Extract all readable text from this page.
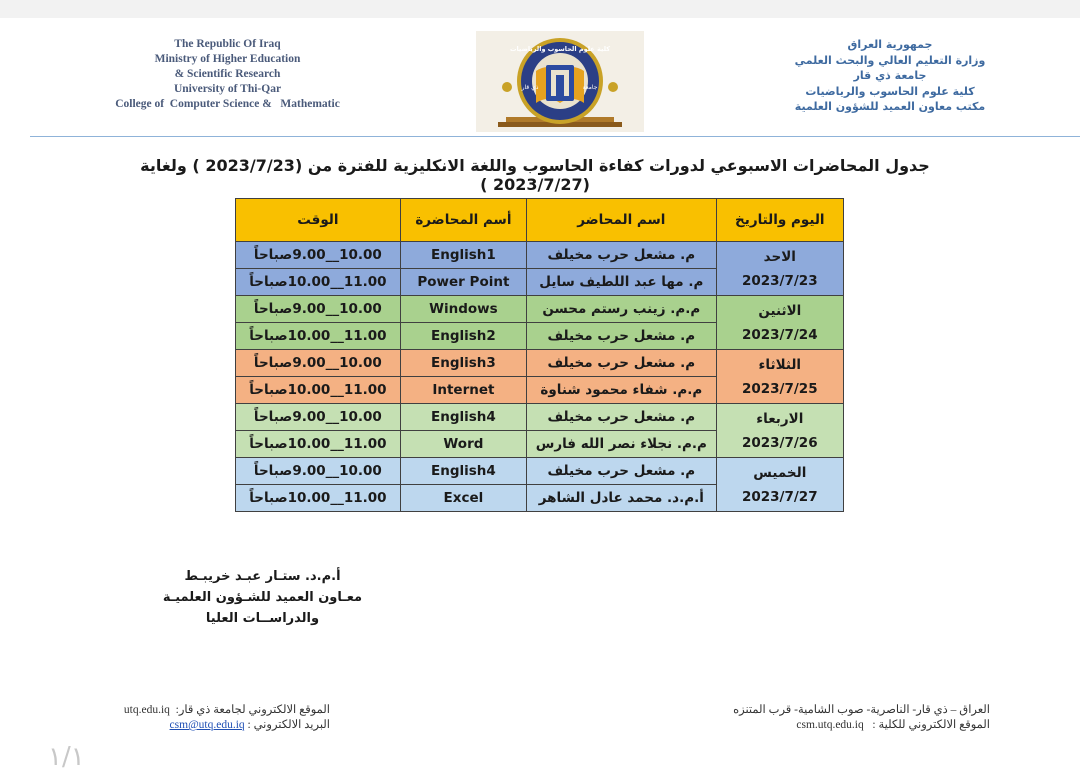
The Republic Of Iraq
Ministry of Higher Education
& Scientific Research
University of Thi-Qar
College of  Computer Science &   Mathematic
كلية علوم الحاسوب والرياضيات
ذي قار	جامعة
جمهورية العراق
وزارة التعليم العالي والبحث العلمي
جامعة ذي قار
كلية علوم الحاسوب والرياضيات
مكتب معاون العميد للشؤون العلمية
جدول المحاضرات الاسبوعي لدورات كفاءة الحاسوب واللغة الانكليزية للفترة من (2023/7/23 ) ولغاية (2023/7/27 )
اليوم والتاريخ	اسم المحاضر	أسم المحاضرة	الوقت

الاحد
2023/7/23	م. مشعل حرب مخيلف	English1	10.00__9.00صباحاً
	م. مها عبد اللطيف سايل	Power Point	11.00__10.00صباحاً

الاثنين
2023/7/24	م.م. زينب رستم محسن	Windows	10.00__9.00صباحاً
	م. مشعل حرب مخيلف	English2	11.00__10.00صباحاً

الثلاثاء
2023/7/25	م. مشعل حرب مخيلف	English3	10.00__9.00صباحاً
	م.م. شفاء محمود شناوة	Internet	11.00__10.00صباحاً

الاربعاء
2023/7/26	م. مشعل حرب مخيلف	English4	10.00__9.00صباحاً
	م.م. نجلاء نصر الله فارس	Word	11.00__10.00صباحاً

الخميس
2023/7/27	م. مشعل حرب مخيلف	English4	10.00__9.00صباحاً
	أ.م.د. محمد عادل الشاهر	Excel	11.00__10.00صباحاً
أ.م.د. ستـار عبـد خريبـط
معـاون العميد للشـؤون العلميـة
والدراســات العليا
الموقع الالكتروني لجامعة ذي قار:  utq.edu.iq
البريد الالكتروني : csm@utq.edu.iq
العراق – ذي قار- الناصرية- صوب الشامية- قرب المتنزه
الموقع الالكتروني للكلية :   csm.utq.edu.iq
١/١
